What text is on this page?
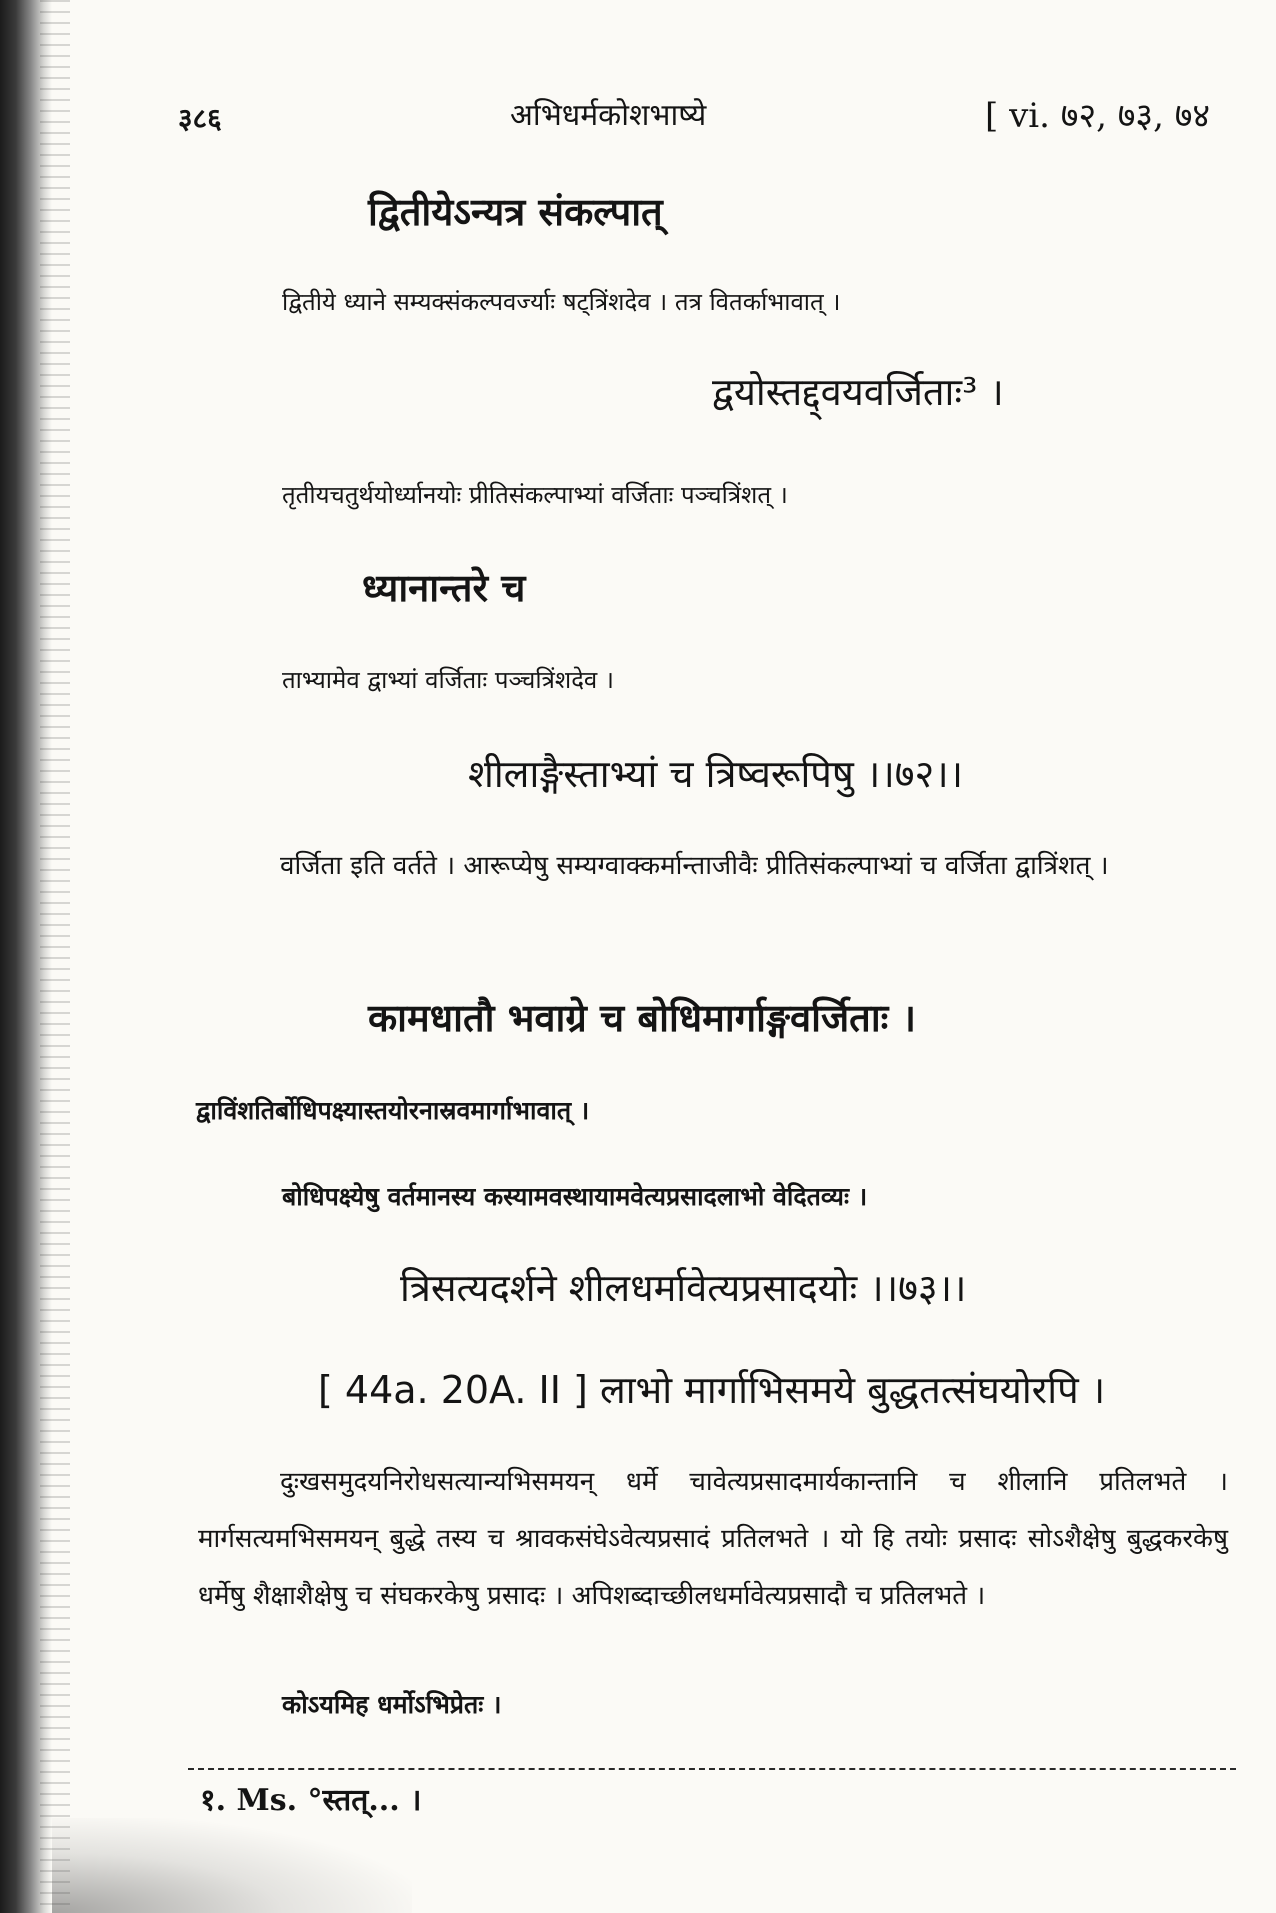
३८६	अभिधर्मकोशभाष्ये	[ vi. ७२, ७३, ७४
द्वितीयेऽन्यत्र संकल्पात्
द्वितीये ध्याने सम्यक्संकल्पवर्ज्याः षट्त्रिंशदेव । तत्र वितर्काभावात् ।
द्वयोस्तद्द्वयवर्जिताः³ ।
तृतीयचतुर्थयोर्ध्यानयोः प्रीतिसंकल्पाभ्यां वर्जिताः पञ्चत्रिंशत् ।
ध्यानान्तरे च
ताभ्यामेव द्वाभ्यां वर्जिताः पञ्चत्रिंशदेव ।
शीलाङ्गैस्ताभ्यां च त्रिष्वरूपिषु ।।७२।।
वर्जिता इति वर्तते । आरूप्येषु सम्यग्वाक्कर्मान्ताजीवैः प्रीतिसंकल्पाभ्यां च वर्जिता द्वात्रिंशत् ।
कामधातौ भवाग्रे च बोधिमार्गाङ्गवर्जिताः ।
द्वाविंशतिर्बोधिपक्ष्यास्तयोरनास्रवमार्गाभावात् ।
बोधिपक्ष्येषु वर्तमानस्य कस्यामवस्थायामवेत्यप्रसादलाभो वेदितव्यः ।
त्रिसत्यदर्शने शीलधर्मावेत्यप्रसादयोः ।।७३।।
[ 44a. 20A. II ] लाभो मार्गाभिसमये बुद्धतत्संघयोरपि ।
दुःखसमुदयनिरोधसत्यान्यभिसमयन् धर्मे चावेत्यप्रसादमार्यकान्तानि च शीलानि प्रतिलभते । मार्गसत्यमभिसमयन् बुद्धे तस्य च श्रावकसंघेऽवेत्यप्रसादं प्रतिलभते । यो हि तयोः प्रसादः सोऽशैक्षेषु बुद्धकरकेषु धर्मेषु शैक्षाशैक्षेषु च संघकरकेषु प्रसादः । अपिशब्दाच्छीलधर्मावेत्यप्रसादौ च प्रतिलभते ।
कोऽयमिह धर्मोऽभिप्रेतः ।
१. Ms. °स्तत्... ।
